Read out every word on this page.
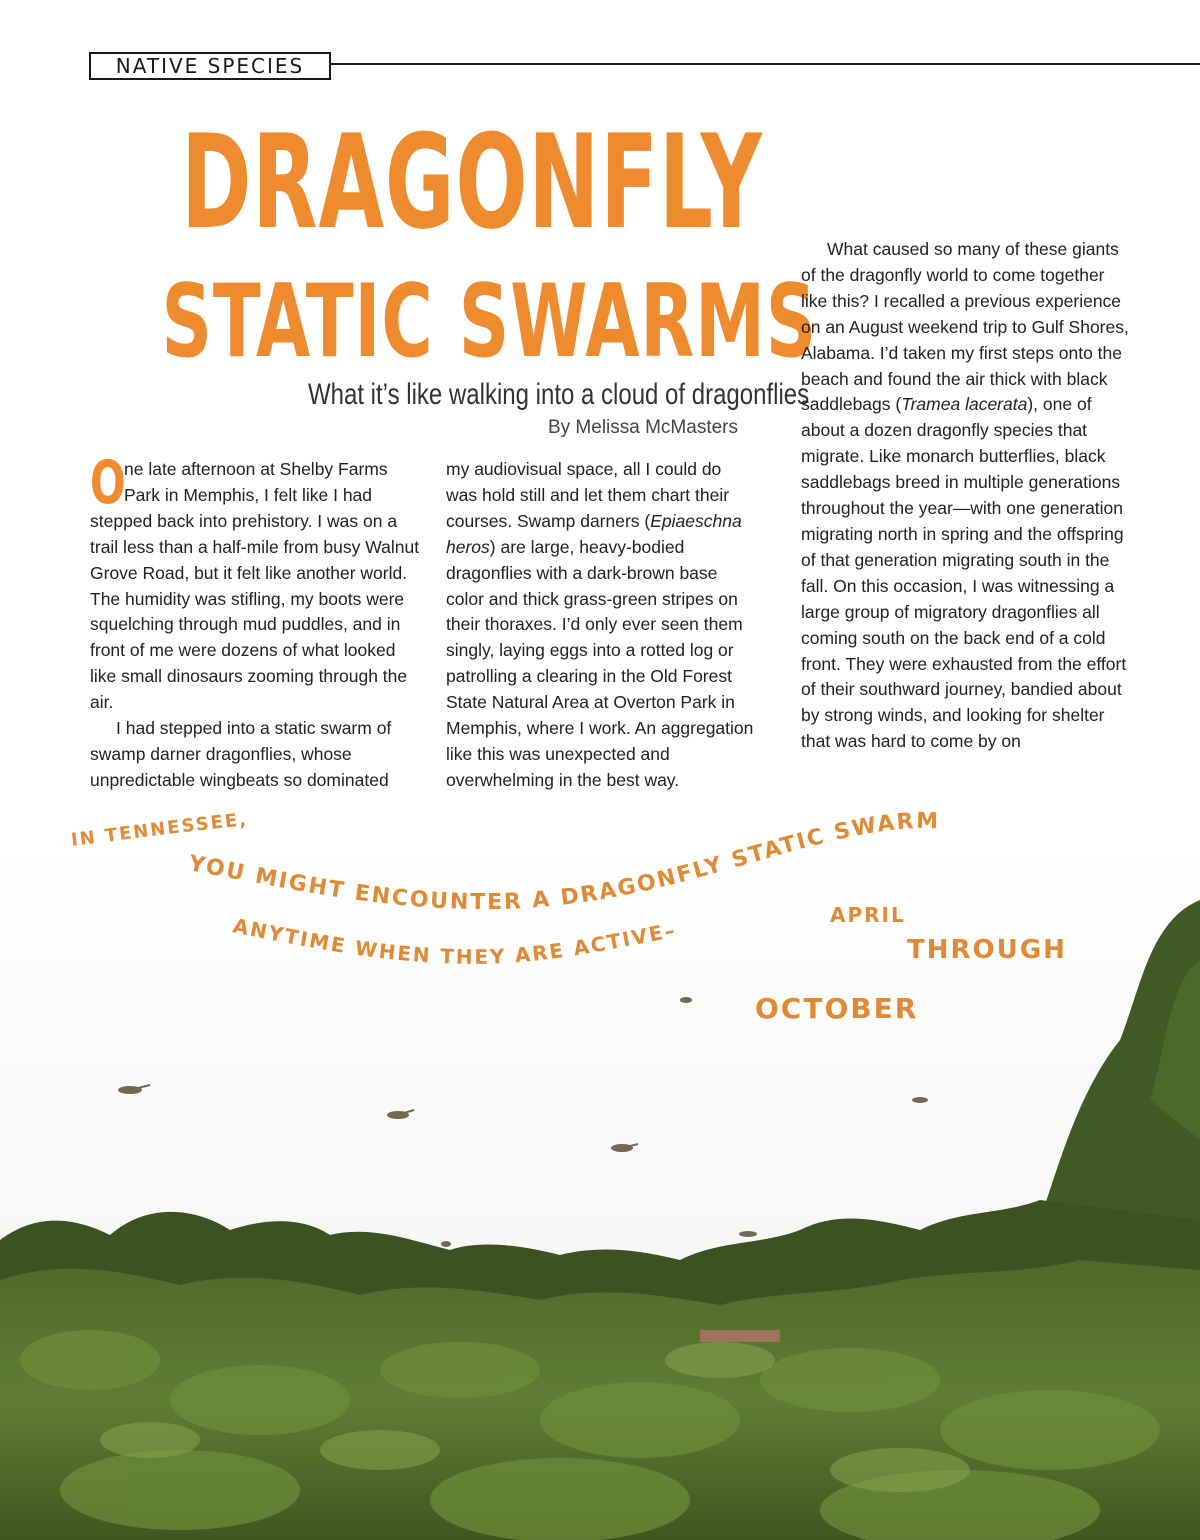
NATIVE SPECIES
DRAGONFLY
STATIC SWARMS
What it’s like walking into a cloud of dragonflies
By Melissa McMasters

O
ne late afternoon at Shelby Farms Park in Memphis, I felt like I had stepped back into prehistory. I was on a trail less than a half-mile from busy Walnut Grove Road, but it felt like another world. The humidity was stifling, my boots were squelching through mud puddles, and in front of me were dozens of what looked like small dinosaurs zooming through the air.

I had stepped into a static swarm of swamp darner dragonflies, whose unpredictable wingbeats so dominated

my audiovisual space, all I could do was hold still and let them chart their courses. Swamp darners (Epiaeschna heros) are large, heavy-bodied dragonflies with a dark-brown base color and thick grass-green stripes on their thoraxes. I’d only ever seen them singly, laying eggs into a rotted log or patrolling a clearing in the Old Forest State Natural Area at Overton Park in Memphis, where I work. An aggregation like this was unexpected and overwhelming in the best way.

What caused so many of these giants of the dragonfly world to come together like this? I recalled a previous experience on an August weekend trip to Gulf Shores, Alabama. I’d taken my first steps onto the beach and found the air thick with black saddlebags (Tramea lacerata), one of about a dozen dragonfly species that migrate. Like monarch butterflies, black saddlebags breed in multiple generations throughout the year—with one generation migrating north in spring and the offspring of that generation migrating south in the fall. On this occasion, I was witnessing a large group of migratory dragonflies all coming south on the back end of a cold front. They were exhausted from the effort of their southward journey, bandied about by strong winds, and looking for shelter that was hard to come by on

IN TENNESSEE,
YOU MIGHT ENCOUNTER A DRAGONFLY STATIC SWARM
ANYTIME WHEN THEY ARE ACTIVE–
APRIL
THROUGH
OCTOBER
